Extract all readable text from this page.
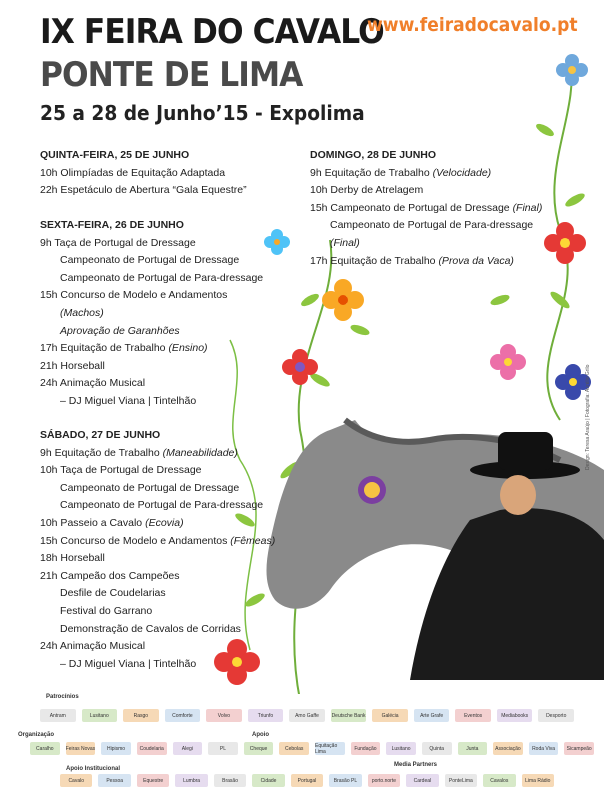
IX FEIRA DO CAVALO
PONTE DE LIMA
25 a 28 de Junho’15 - Expolima
www.feiradocavalo.pt
QUINTA-FEIRA, 25 DE JUNHO
10h Olimpíadas de Equitação Adaptada
22h Espetáculo de Abertura “Gala Equestre”
SEXTA-FEIRA, 26 DE JUNHO
9h Taça de Portugal de Dressage
Campeonato de Portugal de Dressage
Campeonato de Portugal de Para-dressage
15h Concurso de Modelo e Andamentos
(Machos)
Aprovação de Garanhões
17h Equitação de Trabalho (Ensino)
21h Horseball
24h Animação Musical
– DJ Miguel Viana | Tintelhão
SÁBADO, 27 DE JUNHO
9h Equitação de Trabalho (Maneabilidade)
10h Taça de Portugal de Dressage
Campeonato de Portugal de Dressage
Campeonato de Portugal de Para-dressage
10h Passeio a Cavalo (Ecovia)
15h Concurso de Modelo e Andamentos (Fêmeas)
18h Horseball
21h Campeão dos Campeões
Desfile de Coudelarias
Festival do Garrano
Demonstração de Cavalos de Corridas
24h Animação Musical
– DJ Miguel Viana | Tintelhão
DOMINGO, 28 DE JUNHO
9h Equitação de Trabalho (Velocidade)
10h Derby de Atrelagem
15h Campeonato de Portugal de Dressage (Final)
Campeonato de Portugal de Para-dressage
(Final)
17h Equitação de Trabalho (Prova da Vaca)
Design: Teresa Araújo | Fotografia: Aurélio Grilo
Patrocínios
Organização	Apoio
Apoio Institucional
Media Partners
Antram	Lusitano	Rasgo	Comforte	Volvo	Triunfo	Amo Gaffe	Deutsche Bank	Galécia	Arte Grafe	Eventos	Mediabooks	Desporto
Caralho	Feiras Novas	Hipismo	Coudelaria	Alegi	PL	Cheque	Cebolas	Equitação Lima	Fundação	Lusitano	Quinta	Junta	Associação	Roda Viva	Sicampeão
Cavalo	Pessoa	Equestre	Lumbra	Brasão	Cidade	Portugal	Brasão PL	porto.norte	Cardeal	PonteLima	Cavalos	Lima Rádio
